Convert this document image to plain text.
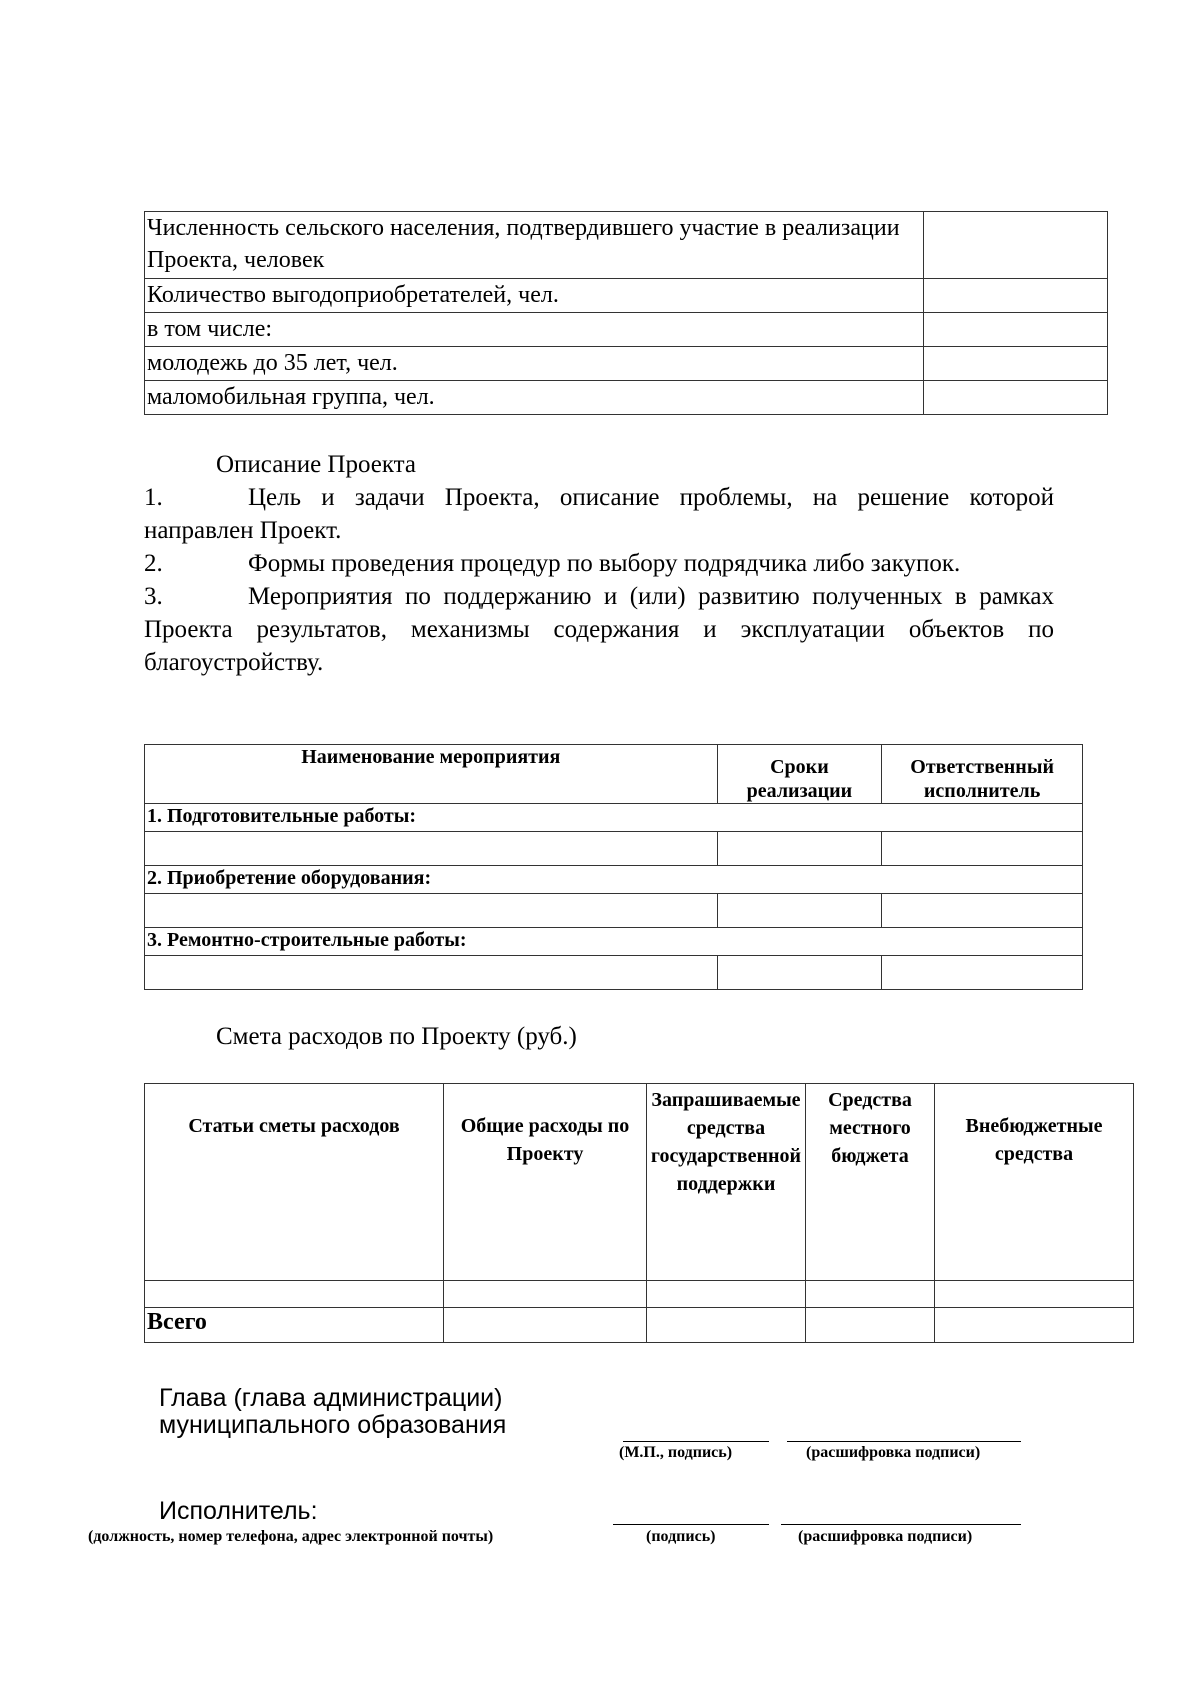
Численность сельского населения, подтвердившего участие в реализации Проекта, человек	
Количество выгодоприобретателей, чел.	
в том числе:	
молодежь до 35 лет, чел.	
маломобильная группа, чел.	
Описание Проекта
1.	Цель и задачи Проекта, описание проблемы, на решение которой направлен Проект.
2.	Формы проведения процедур по выбору подрядчика либо закупок.
3.	Мероприятия по поддержанию и (или) развитию полученных в рамках Проекта результатов, механизмы содержания и эксплуатации объектов по благоустройству.
Наименование мероприятия	Сроки реализации	Ответственный исполнитель
1. Подготовительные работы:		

2. Приобретение оборудования:		

3. Ремонтно-строительные работы:		

Смета расходов по Проекту (руб.)
Статьи сметы расходов	Общие расходы по Проекту	Запрашиваемые средства государственной поддержки	Средства местного бюджета	Внебюджетные средства

Всего				
Глава (глава администрации)
муниципального образования
(М.П., подпись)	(расшифровка подписи)
Исполнитель:
(должность, номер телефона, адрес электронной почты)	(подпись)	(расшифровка подписи)
